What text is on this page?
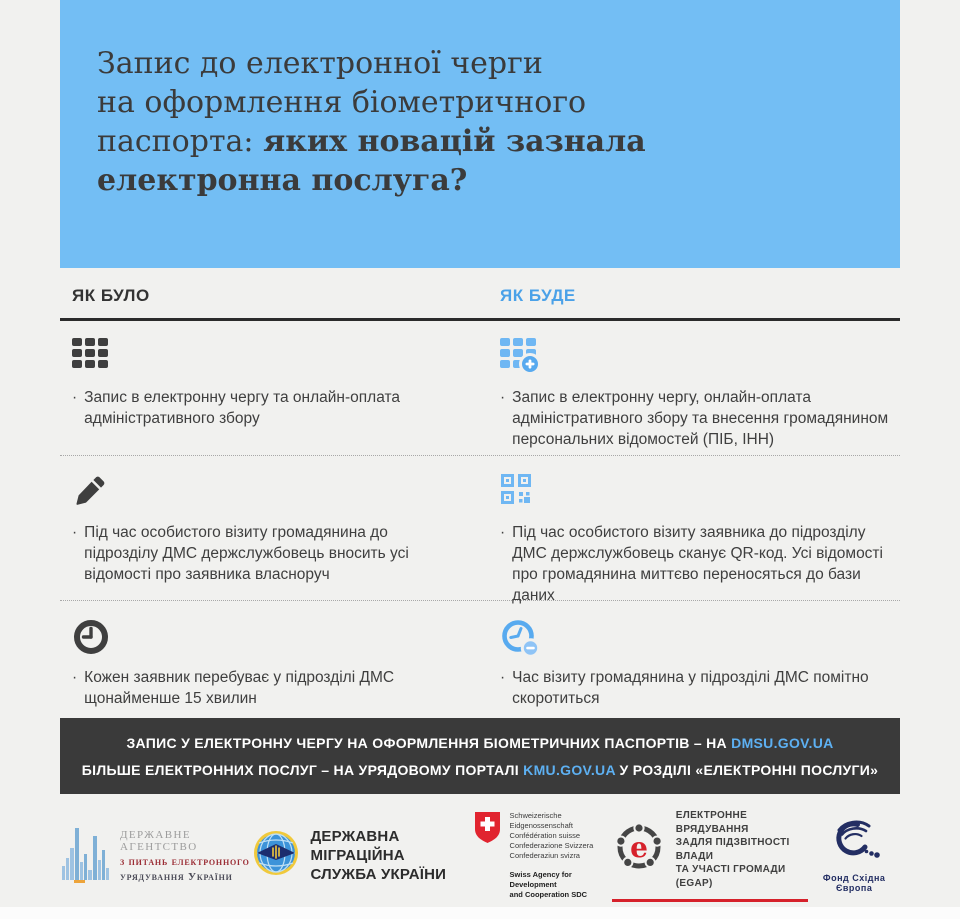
Запис до електронної черги
на оформлення біометричного
паспорта: яких новацій зазнала
електронна послуга?
ЯК БУЛО	ЯК БУДЕ
· Запис в електронну чергу та онлайн-оплата адміністративного збору
· Запис в електронну чергу, онлайн-оплата адміністративного збору та внесення громадянином персональних відомостей (ПІБ, ІНН)
· Під час особистого візиту громадянина до підрозділу ДМС держслужбовець вносить усі відомості про заявника власноруч
· Під час особистого візиту заявника до підрозділу ДМС держслужбовець сканує QR-код. Усі відомості про громадянина миттєво переносяться до бази даних
· Кожен заявник перебуває у підрозділі ДМС щонайменше 15 хвилин
· Час візиту громадянина у підрозділі ДМС помітно скоротиться
ЗАПИС У ЕЛЕКТРОННУ ЧЕРГУ НА ОФОРМЛЕННЯ БІОМЕТРИЧНИХ ПАСПОРТІВ – НА DMSU.GOV.UA
БІЛЬШЕ ЕЛЕКТРОННИХ ПОСЛУГ – НА УРЯДОВОМУ ПОРТАЛІ KMU.GOV.UA У РОЗДІЛІ «ЕЛЕКТРОННІ ПОСЛУГИ»
ДЕРЖАВНЕ АГЕНТСТВО
з питань електронного
урядування України
ДЕРЖАВНА МІГРАЦІЙНА
СЛУЖБА УКРАЇНИ
Schweizerische Eidgenossenschaft
Confédération suisse
Confederazione Svizzera
Confederaziun svizra
Swiss Agency for Development
and Cooperation SDC
e
ЕЛЕКТРОННЕ ВРЯДУВАННЯ
ЗАДЛЯ ПІДЗВІТНОСТІ ВЛАДИ
ТА УЧАСТІ ГРОМАДИ (EGAP)	Фонд Східна Європа
